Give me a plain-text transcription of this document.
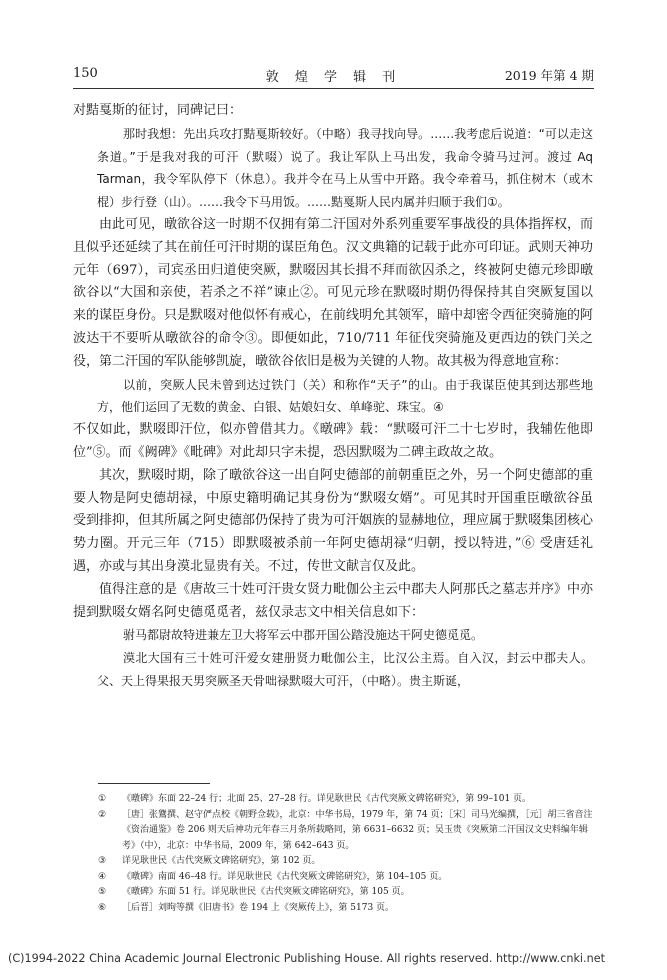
150	敦 煌 学 辑 刊	2019 年第 4 期

对黠戛斯的征讨，同碑记曰：

那时我想：先出兵攻打黠戛斯较好。（中略）我寻找向导。……我考虑后说道：“可以走这条道。”于是我对我的可汗（默啜）说了。我让军队上马出发，我命令骑马过河。渡过 Aq Tarman，我令军队停下（休息）。我并令在马上从雪中开路。我令牵着马，抓住树木（或木棍）步行登（山）。……我令下马用饭。……黠戛斯人民内属并归顺于我们①。

由此可见，暾欲谷这一时期不仅拥有第二汗国对外系列重要军事战役的具体指挥权，而且似乎还延续了其在前任可汗时期的谋臣角色。汉文典籍的记载于此亦可印证。武则天神功元年（697），司宾丞田归道使突厥，默啜因其长揖不拜而欲囚杀之，终被阿史德元珍即暾欲谷以“大国和亲使，若杀之不祥”谏止②。可见元珍在默啜时期仍得保持其自突厥复国以来的谋臣身份。只是默啜对他似怀有戒心，在前线明允其领军，暗中却密令西征突骑施的阿波达干不要听从暾欲谷的命令③。即便如此，710/711 年征伐突骑施及更西边的铁门关之役，第二汗国的军队能够凯旋，暾欲谷依旧是极为关键的人物。故其极为得意地宣称：

以前，突厥人民未曾到达过铁门（关）和称作“天子”的山。由于我谋臣使其到达那些地方，他们运回了无数的黄金、白银、姑娘妇女、单峰驼、珠宝。④

不仅如此，默啜即汗位，似亦曾借其力。《暾碑》载：“默啜可汗二十七岁时，我辅佐他即位”⑤。而《阙碑》《毗碑》对此却只字未提，恐因默啜为二碑主政故之故。

其次，默啜时期，除了暾欲谷这一出自阿史德部的前朝重臣之外，另一个阿史德部的重要人物是阿史德胡禄，中原史籍明确记其身份为“默啜女婿”。可见其时开国重臣暾欲谷虽受到排抑，但其所属之阿史德部仍保持了贵为可汗姻族的显赫地位，理应属于默啜集团核心势力圈。开元三年（715）即默啜被杀前一年阿史德胡禄“归朝，授以特进，”⑥ 受唐廷礼遇，亦或与其出身漠北显贵有关。不过，传世文献言仅及此。

值得注意的是《唐故三十姓可汗贵女贤力毗伽公主云中郡夫人阿那氏之墓志并序》中亦提到默啜女婿名阿史德觅觅者，兹仅录志文中相关信息如下：

驸马都尉故特进兼左卫大将军云中郡开国公踏没施达干阿史德觅觅。

漠北大国有三十姓可汗爱女建册贤力毗伽公主，比汉公主焉。自入汉，封云中郡夫人。父、天上得果报天男突厥圣天骨咄禄默啜大可汗，（中略）。贵主斯诞，

① 《暾碑》东面 22–24 行；北面 25、27–28 行。详见耿世民《古代突厥文碑铭研究》，第 99–101 页。
② ［唐］张鷟撰、赵守俨点校《朝野佥载》，北京：中华书局，1979 年，第 74 页；［宋］司马光编撰，［元］胡三省音注《资治通鉴》卷 206 则天后神功元年春三月条所载略同，第 6631–6632 页；吴玉贵《突厥第二汗国汉文史料编年辑考》（中），北京：中华书局，2009 年，第 642–643 页。
③ 详见耿世民《古代突厥文碑铭研究》，第 102 页。
④ 《暾碑》南面 46–48 行。详见耿世民《古代突厥文碑铭研究》，第 104–105 页。
⑤ 《暾碑》东面 51 行。详见耿世民《古代突厥文碑铭研究》，第 105 页。
⑥ ［后晋］刘昫等撰《旧唐书》卷 194 上《突厥传上》，第 5173 页。
(C)1994-2022 China Academic Journal Electronic Publishing House. All rights reserved. http://www.cnki.net
